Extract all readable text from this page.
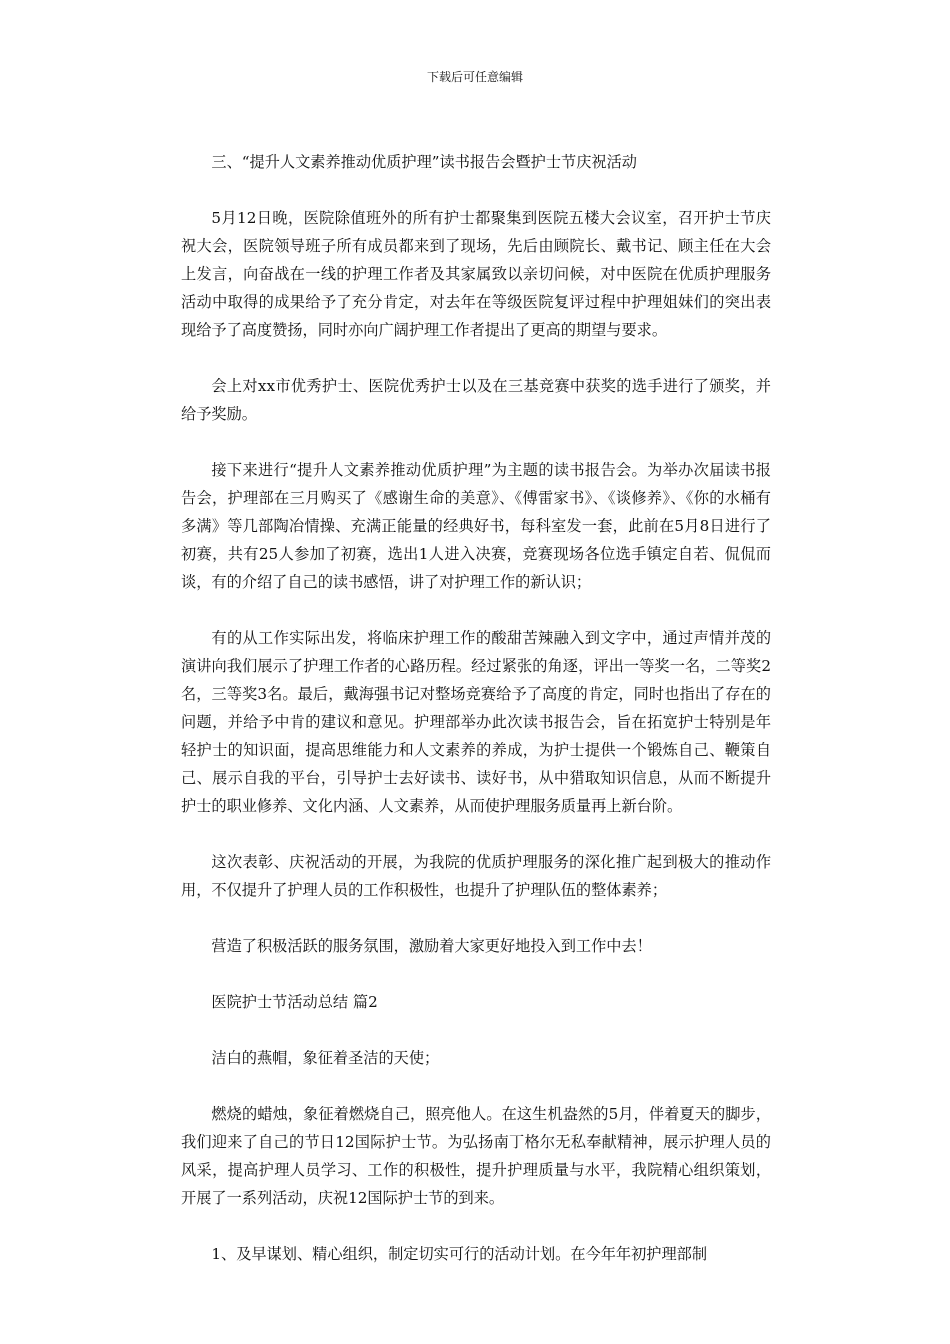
下载后可任意编辑

三、“提升人文素养推动优质护理”读书报告会暨护士节庆祝活动

5月12日晚，医院除值班外的所有护士都聚集到医院五楼大会议室，召开护士节庆祝大会，医院领导班子所有成员都来到了现场，先后由顾院长、戴书记、顾主任在大会上发言，向奋战在一线的护理工作者及其家属致以亲切问候，对中医院在优质护理服务活动中取得的成果给予了充分肯定，对去年在等级医院复评过程中护理姐妹们的突出表现给予了高度赞扬，同时亦向广阔护理工作者提出了更高的期望与要求。

会上对xx市优秀护士、医院优秀护士以及在三基竞赛中获奖的选手进行了颁奖，并给予奖励。

接下来进行“提升人文素养推动优质护理”为主题的读书报告会。为举办次届读书报告会，护理部在三月购买了《感谢生命的美意》、《傅雷家书》、《谈修养》、《你的水桶有多满》等几部陶冶情操、充满正能量的经典好书，每科室发一套，此前在5月8日进行了初赛，共有25人参加了初赛，选出1人进入决赛，竞赛现场各位选手镇定自若、侃侃而谈，有的介绍了自己的读书感悟，讲了对护理工作的新认识；

有的从工作实际出发，将临床护理工作的酸甜苦辣融入到文字中，通过声情并茂的演讲向我们展示了护理工作者的心路历程。经过紧张的角逐，评出一等奖一名，二等奖2名，三等奖3名。最后，戴海强书记对整场竞赛给予了高度的肯定，同时也指出了存在的问题，并给予中肯的建议和意见。护理部举办此次读书报告会，旨在拓宽护士特别是年轻护士的知识面，提高思维能力和人文素养的养成，为护士提供一个锻炼自己、鞭策自己、展示自我的平台，引导护士去好读书、读好书，从中猎取知识信息，从而不断提升护士的职业修养、文化内涵、人文素养，从而使护理服务质量再上新台阶。

这次表彰、庆祝活动的开展，为我院的优质护理服务的深化推广起到极大的推动作用，不仅提升了护理人员的工作积极性，也提升了护理队伍的整体素养；

营造了积极活跃的服务氛围，激励着大家更好地投入到工作中去！

医院护士节活动总结 篇2

洁白的燕帽，象征着圣洁的天使；

燃烧的蜡烛，象征着燃烧自己，照亮他人。在这生机盎然的5月，伴着夏天的脚步，我们迎来了自己的节日12国际护士节。为弘扬南丁格尔无私奉献精神，展示护理人员的风采，提高护理人员学习、工作的积极性，提升护理质量与水平，我院精心组织策划，开展了一系列活动，庆祝12国际护士节的到来。

1、及早谋划、精心组织，制定切实可行的活动计划。在今年年初护理部制
